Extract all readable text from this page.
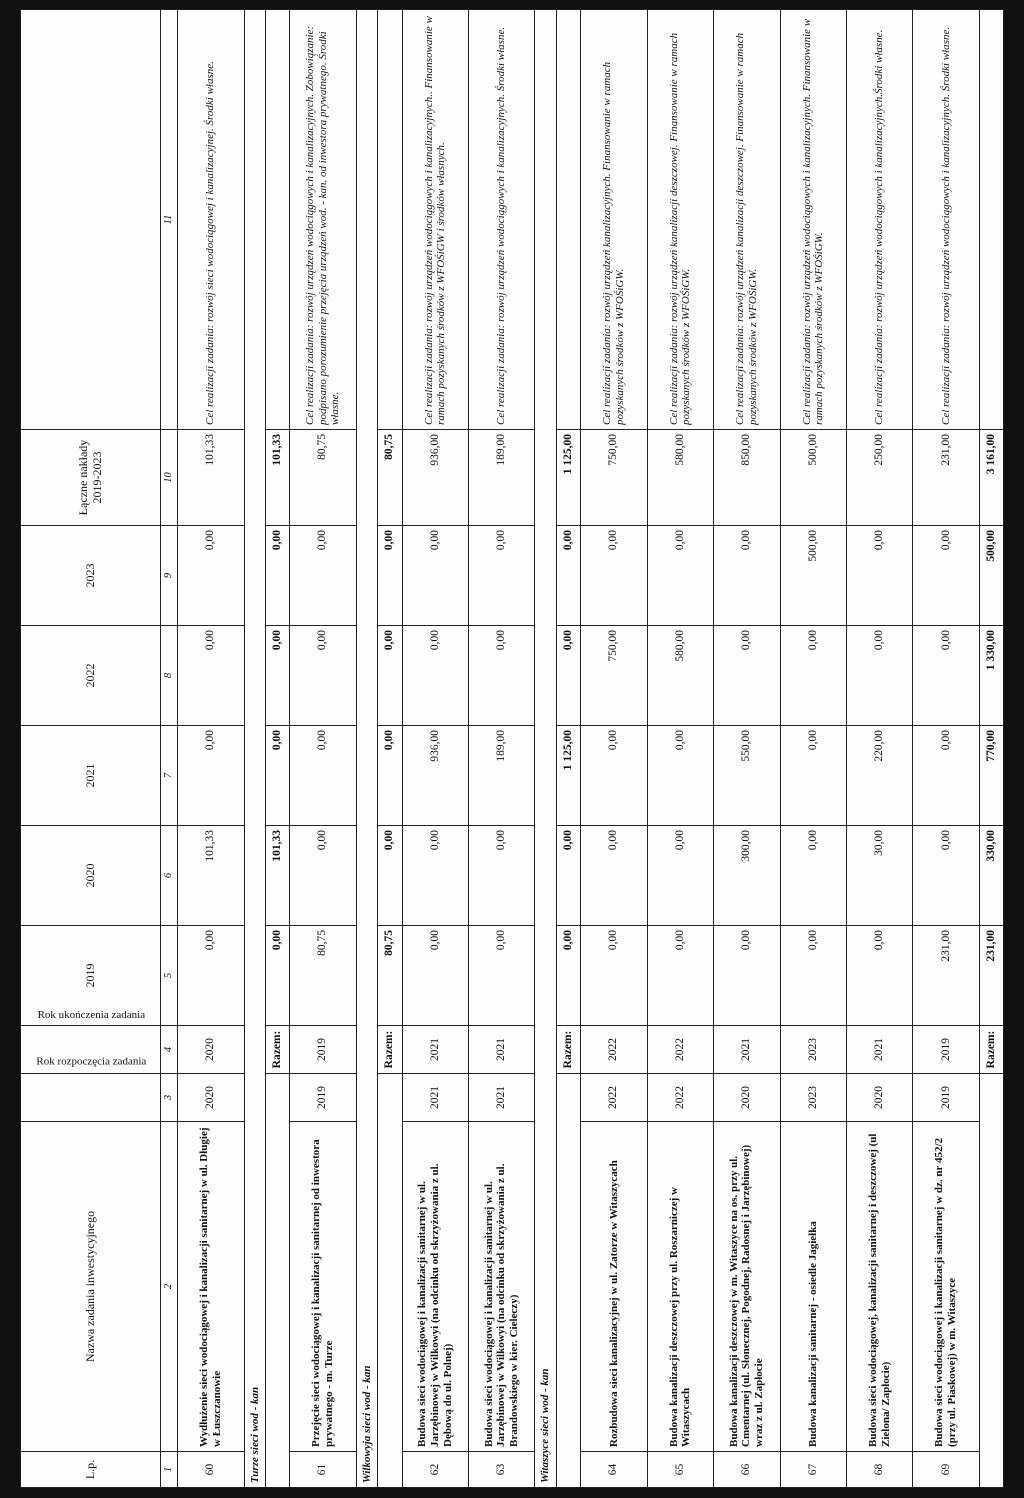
L.p.	Nazwa zadania inwestycyjnego	Rok rozpoczęcia zadania	Rok ukończenia zadania	2019	2020	2021	2022	2023	Łączne nakłady 2019-2023	
1	2	3	4	5	6	7	8	9	10	11
60	Wydłużenie sieci wodociągowej i kanalizacji sanitarnej w ul. Długiej w Łuszczanowie	2020	2020	0,00	101,33	0,00	0,00	0,00	101,33	Cel realizacji zadania: rozwój sieci wodociągowej i kanalizacyjnej. Środki własne.
Turze sieci wod - kan										
			Razem:	0,00	101,33	0,00	0,00	0,00	101,33	
61	Przejęcie sieci wodociągowej i kanalizacji sanitarnej od inwestora prywatnego - m. Turze	2019	2019	80,75	0,00	0,00	0,00	0,00	80,75	Cel realizacji zadania: rozwój urządzeń wodociągowych i kanalizacyjnych. Zobowiązanie: podpisano porozumienie przejęcia urządzeń wod. - kan. od inwestora prywatnego. Środki własne.
Wilkowyja sieci wod - kan										
			Razem:	80,75	0,00	0,00	0,00	0,00	80,75	
62	Budowa sieci wodociągowej i kanalizacji sanitarnej w ul. Jarzębinowej w Wilkowyi (na odcinku od skrzyżowania z ul. Dębową do ul. Polnej)	2021	2021	0,00	0,00	936,00	0,00	0,00	936,00	Cel realizacji zadania: rozwój urządzeń wodociągowych i kanalizacyjnych.. Finansowanie w ramach pozyskanych środków z WFOŚiGW i środków własnych.
63	Budowa sieci wodociągowej i kanalizacji sanitarnej w ul. Jarzębinowej w Wilkowyi (na odcinku od skrzyżowania z ul. Brandowskiego w kier. Cieleczy)	2021	2021	0,00	0,00	189,00	0,00	0,00	189,00	Cel realizacji zadania: rozwój urządzeń wodociągowych i kanalizacyjnych. Środki własne.
Witaszyce sieci wod - kan										
			Razem:	0,00	0,00	1 125,00	0,00	0,00	1 125,00	
64	Rozbudowa sieci kanalizacyjnej w ul. Zatorze w Witaszycach	2022	2022	0,00	0,00	0,00	750,00	0,00	750,00	Cel realizacji zadania: rozwój urządzeń kanalizacyjnych. Finansowanie w ramach pozyskanych środków z WFOŚiGW.
65	Budowa kanalizacji deszczowej przy ul. Roszarniczej w Witaszycach	2022	2022	0,00	0,00	0,00	580,00	0,00	580,00	Cel realizacji zadania: rozwój urządzeń kanalizacji deszczowej. Finansowanie w ramach pozyskanych środków z WFOŚiGW.
66	Budowa kanalizacji deszczowej w m. Witaszyce na os. przy ul. Cmentarnej (ul. Słonecznej, Pogodnej, Radosnej i Jarzębinowej) wraz z ul. Zapłocie	2020	2021	0,00	300,00	550,00	0,00	0,00	850,00	Cel realizacji zadania: rozwój urządzeń kanalizacji deszczowej. Finansowanie w ramach pozyskanych środków z WFOŚiGW.
67	Budowa kanalizacji sanitarnej - osiedle Jagiełka	2023	2023	0,00	0,00	0,00	0,00	500,00	500,00	Cel realizacji zadania: rozwój urządzeń wodociągowych i kanalizacyjnych. Finansowanie w ramach pozyskanych środków z WFOŚiGW.
68	Budowa sieci wodociągowej, kanalizacji sanitarnej i deszczowej (ul Zielona/ Zapłocie)	2020	2021	0,00	30,00	220,00	0,00	0,00	250,00	Cel realizacji zadania: rozwój urządzeń wodociągowych i kanalizacyjnych.Środki własne.
69	Budowa sieci wodociągowej i kanalizacji sanitarnej w dz. nr 452/2 (przy ul. Piaskowej) w m. Witaszyce	2019	2019	231,00	0,00	0,00	0,00	0,00	231,00	Cel realizacji zadania: rozwój urządzeń wodociągowych i kanalizacyjnych. Środki własne.
			Razem:	231,00	330,00	770,00	1 330,00	500,00	3 161,00	
